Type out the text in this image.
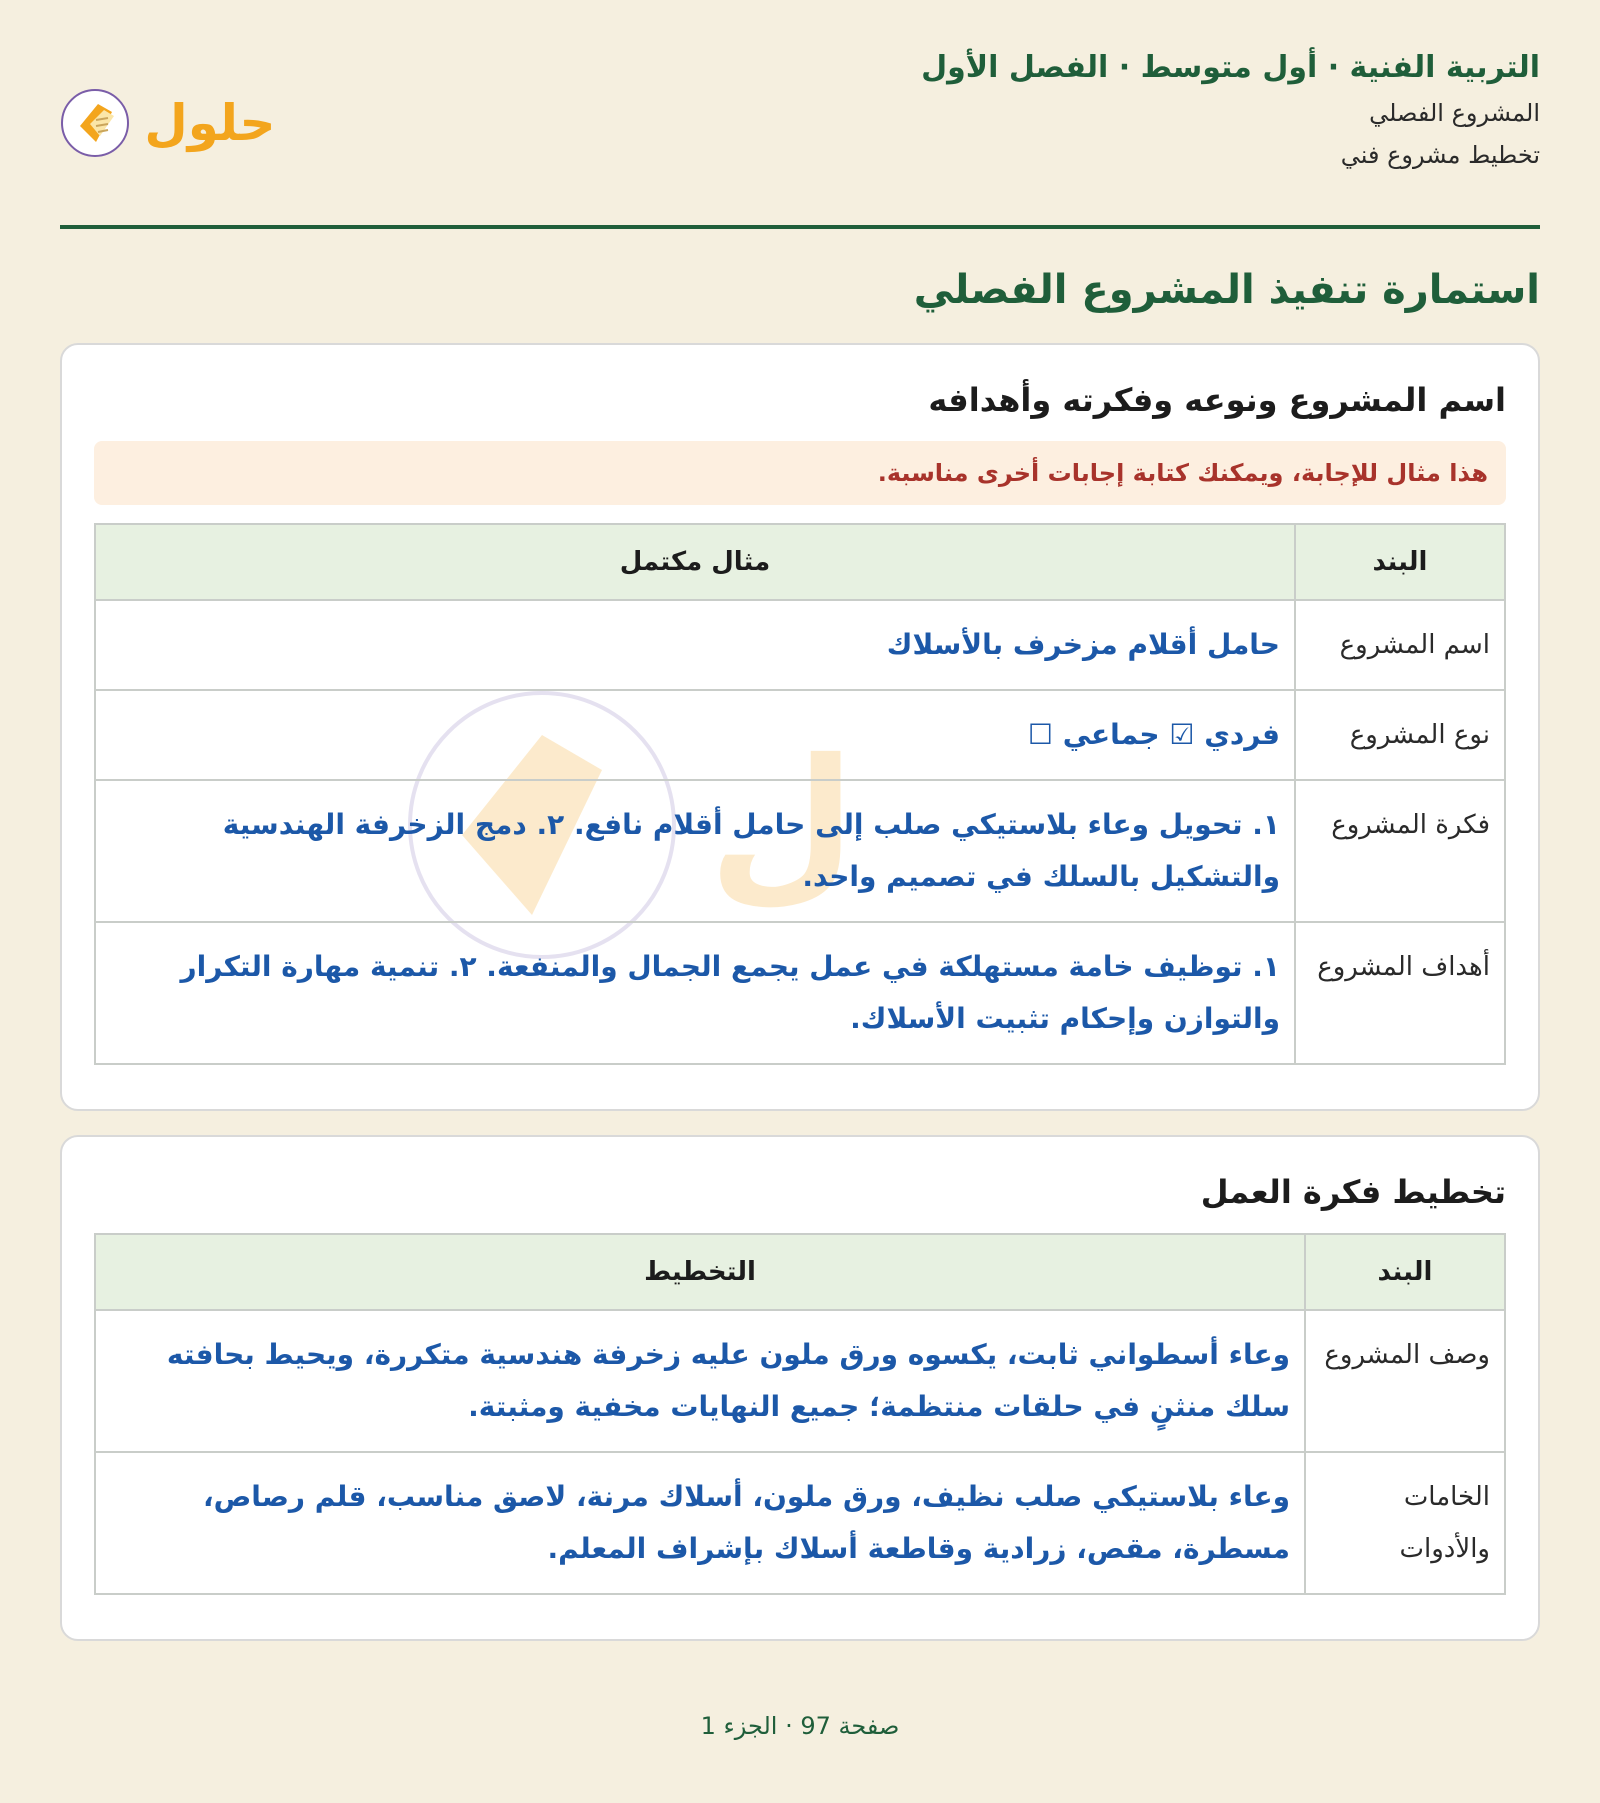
التربية الفنية · أول متوسط · الفصل الأول
المشروع الفصلي
تخطيط مشروع فني
حلول
استمارة تنفيذ المشروع الفصلي
ل
اسم المشروع ونوعه وفكرته وأهدافه
هذا مثال للإجابة، ويمكنك كتابة إجابات أخرى مناسبة.
البند	مثال مكتمل
اسم المشروع	حامل أقلام مزخرف بالأسلاك
نوع المشروع	فردي ☑ جماعي ☐
فكرة المشروع	١. تحويل وعاء بلاستيكي صلب إلى حامل أقلام نافع. ٢. دمج الزخرفة الهندسية والتشكيل بالسلك في تصميم واحد.
أهداف المشروع	١. توظيف خامة مستهلكة في عمل يجمع الجمال والمنفعة. ٢. تنمية مهارة التكرار والتوازن وإحكام تثبيت الأسلاك.
تخطيط فكرة العمل
البند	التخطيط
وصف المشروع	وعاء أسطواني ثابت، يكسوه ورق ملون عليه زخرفة هندسية متكررة، ويحيط بحافته سلك منثنٍ في حلقات منتظمة؛ جميع النهايات مخفية ومثبتة.
الخامات والأدوات	وعاء بلاستيكي صلب نظيف، ورق ملون، أسلاك مرنة، لاصق مناسب، قلم رصاص، مسطرة، مقص، زرادية وقاطعة أسلاك بإشراف المعلم.
صفحة 97 · الجزء 1
